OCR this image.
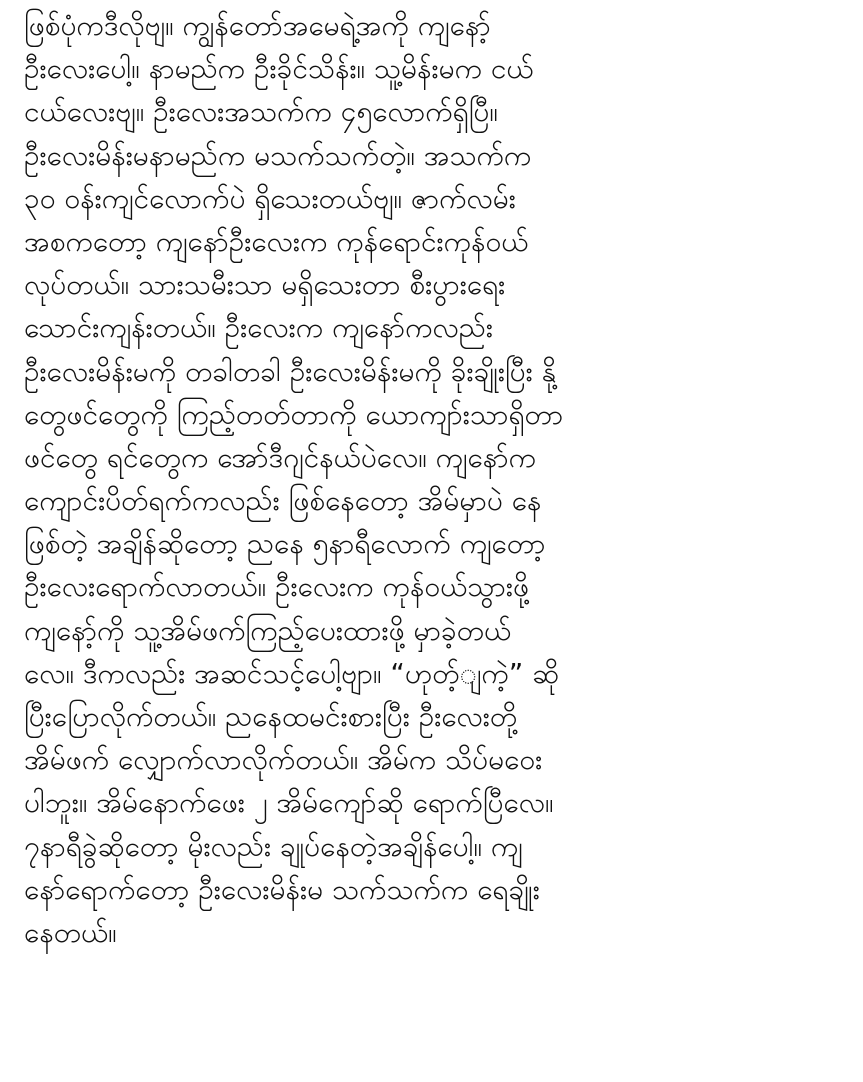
ဖြစ်ပုံကဒီလိုဗျ။ ကျွန်တော်အမေရဲ့အကို ကျနော့်
ဦးလေးပေါ့။ နာမည်က ဦးခိုင်သိန်း။ သူ့မိန်းမက ငယ်
ငယ်လေးဗျ။ ဦးလေးအသက်က ၄၅လောက်ရှိပြီ။
ဦးလေးမိန်းမနာမည်က မသက်သက်တဲ့။ အသက်က
၃၀ ဝန်းကျင်လောက်ပဲ ရှိသေးတယ်ဗျ။ ဇာက်လမ်း
အစကတော့ ကျနော်ဦးလေးက ကုန်ရောင်းကုန်ဝယ်
လုပ်တယ်။ သားသမီးသာ မရှိသေးတာ စီးပွားရေး
သောင်းကျန်းတယ်။ ဦးလေးက ကျနော်ကလည်း
ဦးလေးမိန်းမကို တခါတခါ ဦးလေးမိန်းမကို ခိုးချိုးပြီး နို့
တွေဖင်တွေကို ကြည့်တတ်တာကို ယောကျာ်းသာရှိတာ
ဖင်တွေ ရင်တွေက အော်ဒီဂျင်နယ်ပဲလေ။ ကျနော်က
ကျောင်းပိတ်ရက်ကလည်း ဖြစ်နေတော့ အိမ်မှာပဲ နေ
ဖြစ်တဲ့ အချိန်ဆိုတော့ ညနေ ၅နာရီလောက် ကျတော့
ဦးလေးရောက်လာတယ်။ ဦးလေးက ကုန်ဝယ်သွားဖို့
ကျနော့်ကို သူ့အိမ်ဖက်ကြည့်ပေးထားဖို့ မှာခဲ့တယ်
လေ။ ဒီကလည်း အဆင်သင့်ပေါ့ဗျာ။ “ဟုတ့်ျကဲ့” ဆို
ပြီးပြောလိုက်တယ်။ ညနေထမင်းစားပြီး ဦးလေးတို့
အိမ်ဖက် လျှောက်လာလိုက်တယ်။ အိမ်က သိပ်မဝေး
ပါဘူး။ အိမ်နောက်ဖေး ၂ အိမ်ကျော်ဆို ရောက်ပြီလေ။
၇နာရီခွဲဆိုတော့ မိုးလည်း ချုပ်နေတဲ့အချိန်ပေါ့။ ကျ
နော်ရောက်တော့ ဦးလေးမိန်းမ သက်သက်က ရေချိုး
နေတယ်။
